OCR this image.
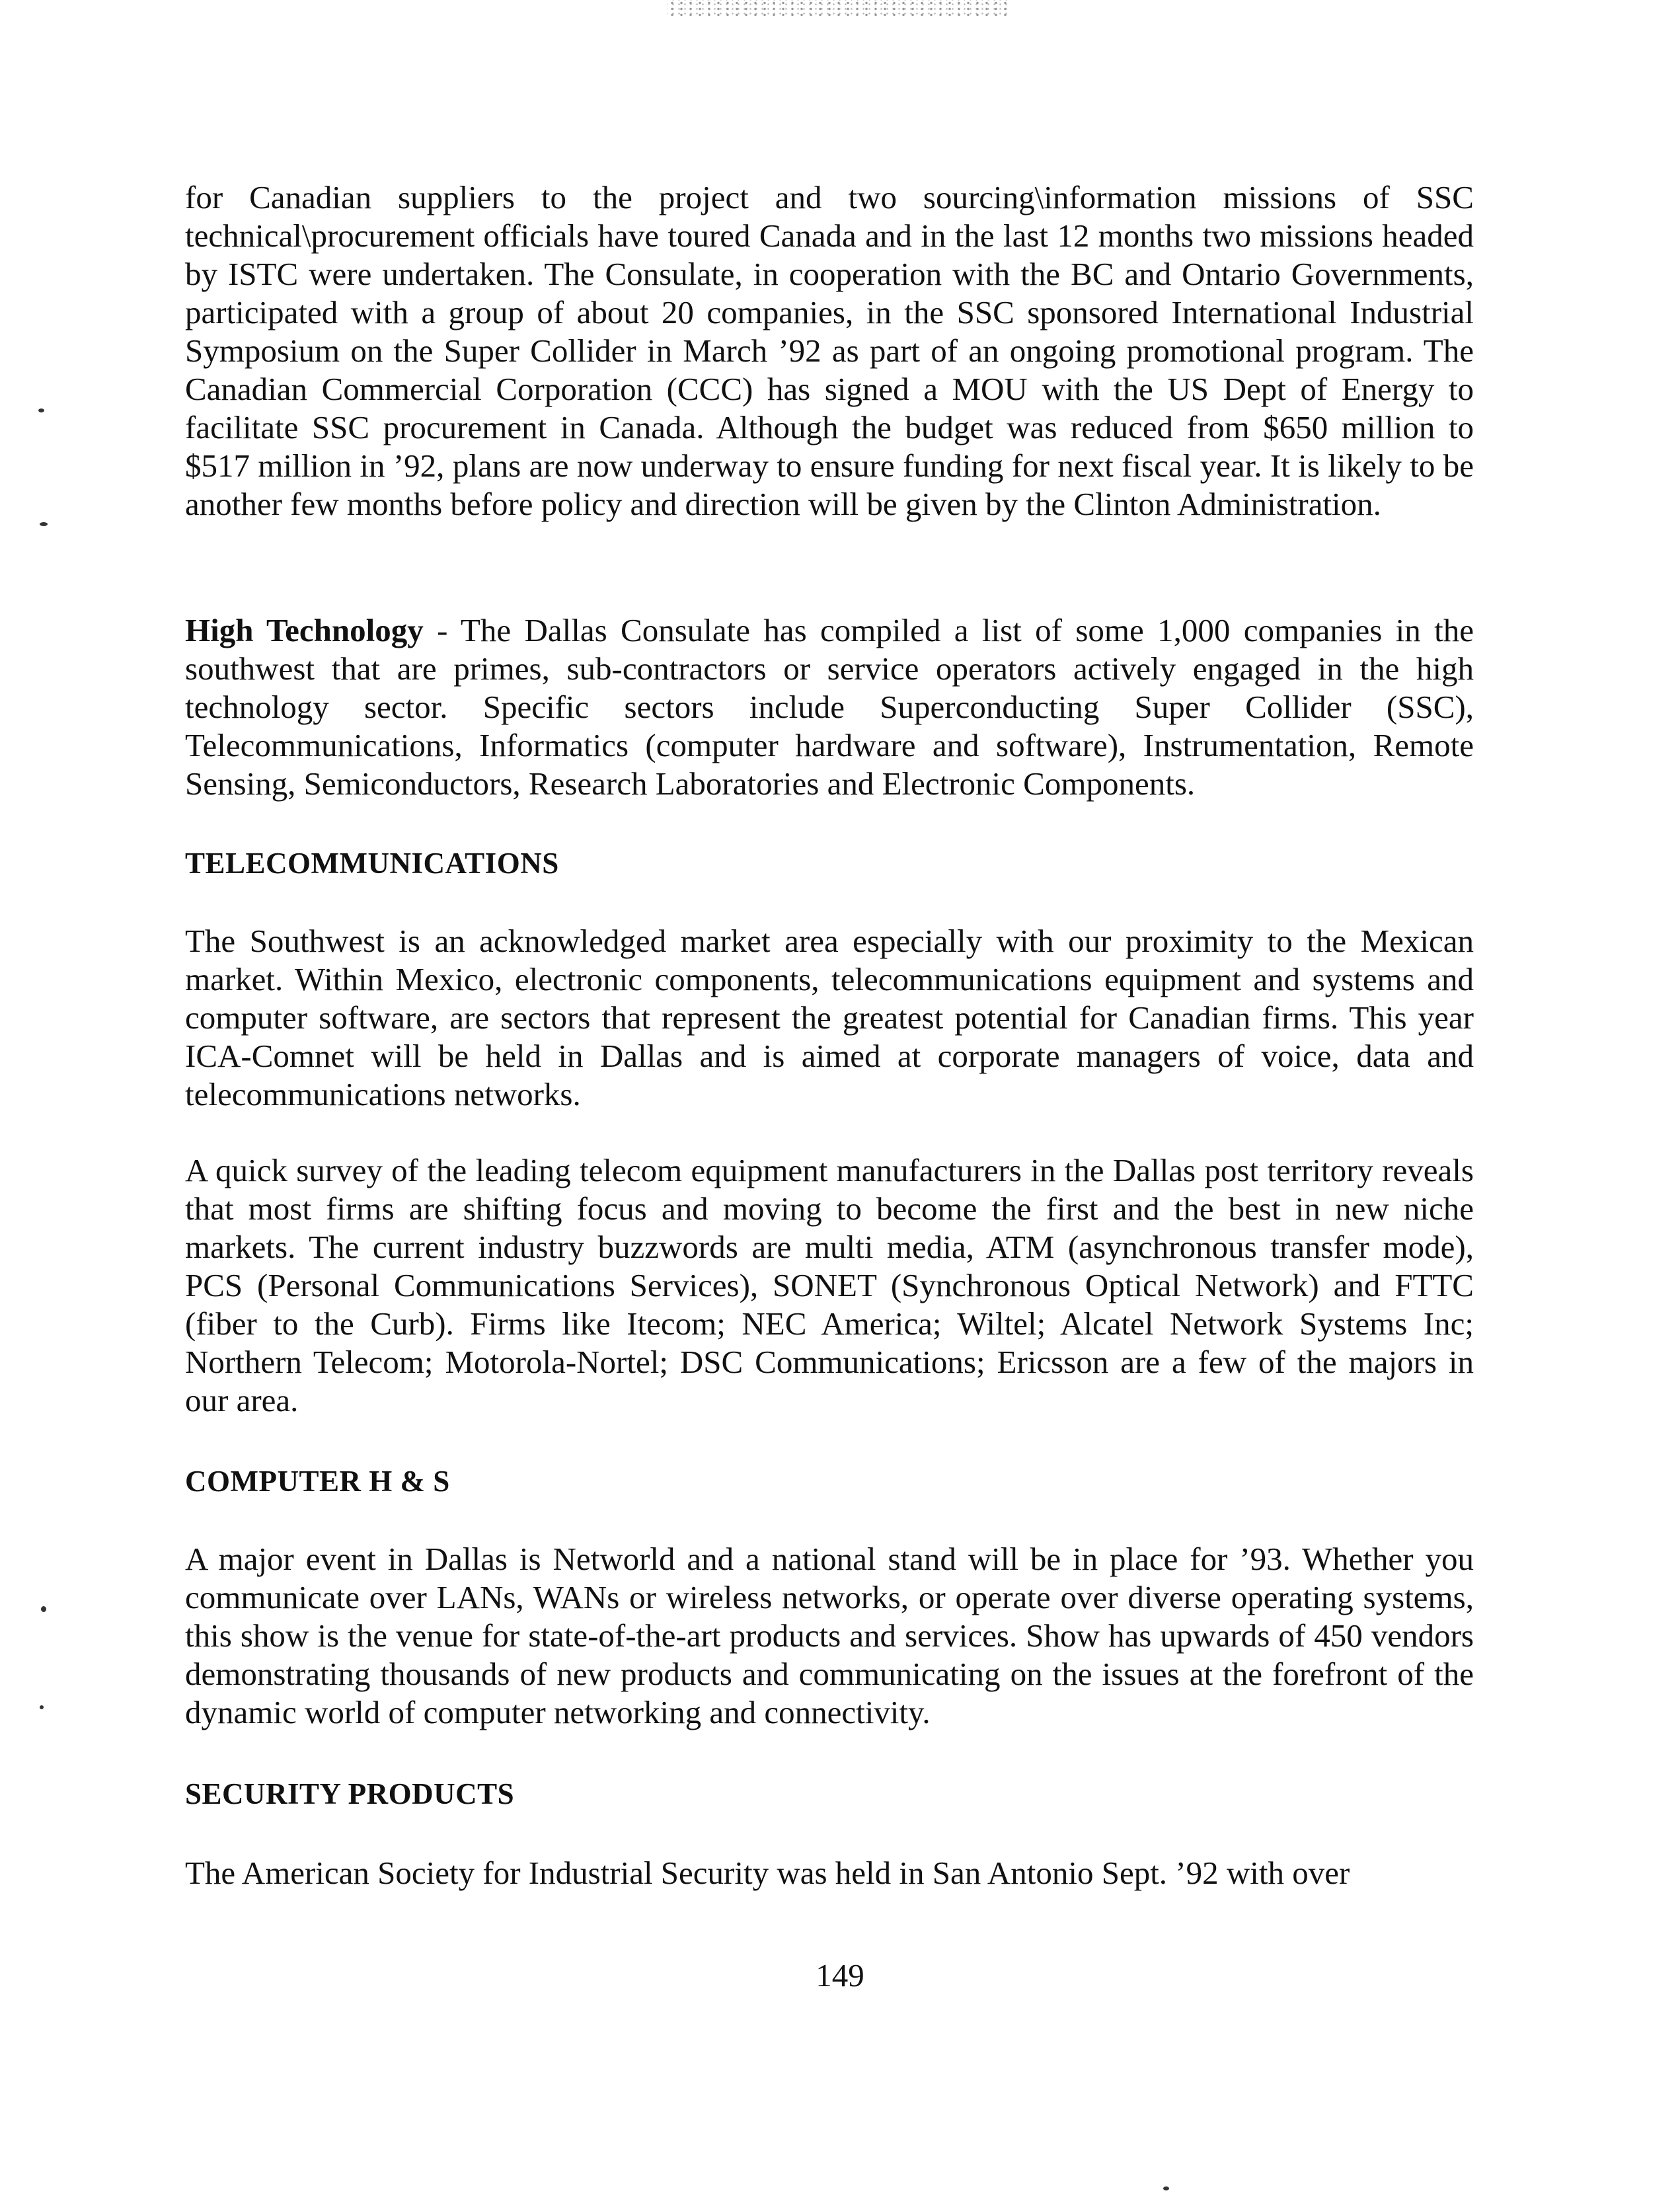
for Canadian suppliers to the project and two sourcing\information missions of SSC technical\procurement officials have toured Canada and in the last 12 months two missions headed by ISTC were undertaken. The Consulate, in cooperation with the BC and Ontario Governments, participated with a group of about 20 companies, in the SSC sponsored International Industrial Symposium on the Super Collider in March ’92 as part of an ongoing promotional program. The Canadian Commercial Corporation (CCC) has signed a MOU with the US Dept of Energy to facilitate SSC procurement in Canada. Although the budget was reduced from $650 million to $517 million in ’92, plans are now underway to ensure funding for next fiscal year. It is likely to be another few months before policy and direction will be given by the Clinton Administration.

High Technology - The Dallas Consulate has compiled a list of some 1,000 companies in the southwest that are primes, sub-contractors or service operators actively engaged in the high technology sector. Specific sectors include Superconducting Super Collider (SSC), Telecommunications, Informatics (computer hardware and software), Instrumentation, Remote Sensing, Semiconductors, Research Laboratories and Electronic Components.

TELECOMMUNICATIONS

The Southwest is an acknowledged market area especially with our proximity to the Mexican market. Within Mexico, electronic components, telecommunications equipment and systems and computer software, are sectors that represent the greatest potential for Canadian firms. This year ICA-Comnet will be held in Dallas and is aimed at corporate managers of voice, data and telecommunications networks.

A quick survey of the leading telecom equipment manufacturers in the Dallas post territory reveals that most firms are shifting focus and moving to become the first and the best in new niche markets. The current industry buzzwords are multi media, ATM (asynchronous transfer mode), PCS (Personal Communications Services), SONET (Synchronous Optical Network) and FTTC (fiber to the Curb). Firms like Itecom; NEC America; Wiltel; Alcatel Network Systems Inc; Northern Telecom; Motorola-Nortel; DSC Communications; Ericsson are a few of the majors in our area.

COMPUTER H & S

A major event in Dallas is Networld and a national stand will be in place for ’93. Whether you communicate over LANs, WANs or wireless networks, or operate over diverse operating systems, this show is the venue for state-of-the-art products and services. Show has upwards of 450 vendors demonstrating thousands of new products and communicating on the issues at the forefront of the dynamic world of computer networking and connectivity.

SECURITY PRODUCTS

The American Society for Industrial Security was held in San Antonio Sept. ’92 with over

149
